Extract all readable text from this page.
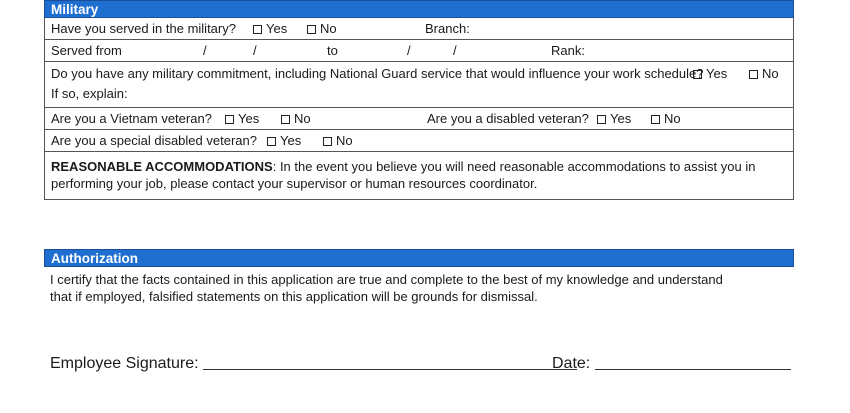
Military
Have you served in the military?	Yes	No	Branch:
Served from	/	/	to	/	/	Rank:
Do you have any military commitment, including National Guard service that would influence your work schedule? Yes	No
If so, explain:
Are you a Vietnam veteran?	Yes	No	Are you a disabled veteran?	Yes	No
Are you a special disabled veteran?	Yes	No
REASONABLE ACCOMMODATIONS: In the event you believe you will need reasonable accommodations to assist you in performing your job, please contact your supervisor or human resources coordinator.
Authorization
I certify that the facts contained in this application are true and complete to the best of my knowledge and understand that if employed, falsified statements on this application will be grounds for dismissal.
Employee Signature:	Date:
